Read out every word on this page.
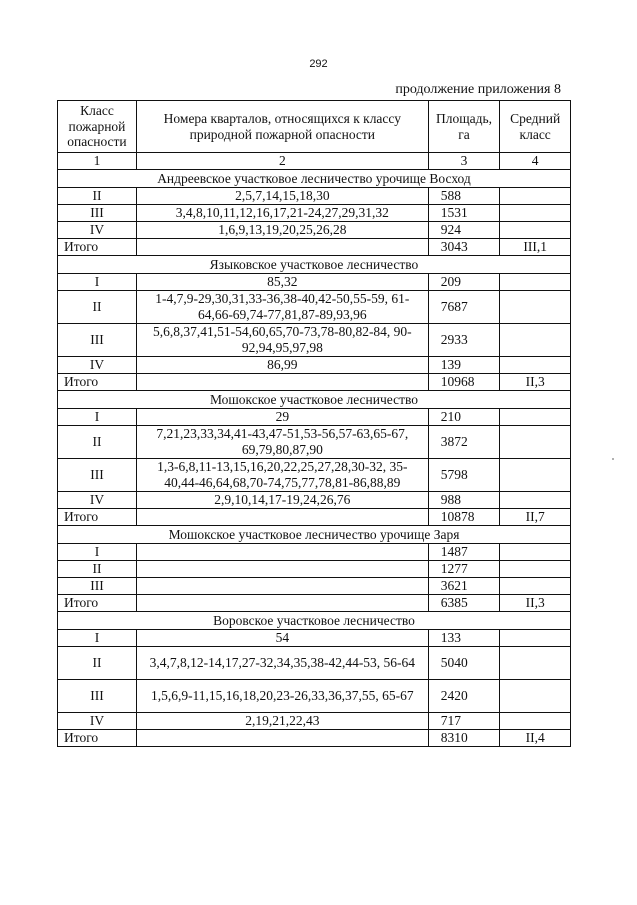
292
продолжение приложения 8
Класс пожарной опасности	Номера кварталов, относящихся к классу природной пожарной опасности	Площадь, га	Средний класс
1	2	3	4
Андреевское участковое лесничество урочище Восход			
II	2,5,7,14,15,18,30	588	
III	3,4,8,10,11,12,16,17,21-24,27,29,31,32	1531	
IV	1,6,9,13,19,20,25,26,28	924	
Итого		3043	III,1
Языковское участковое лесничество			
I	85,32	209	
II	1-4,7,9-29,30,31,33-36,38-40,42-50,55-59, 61-64,66-69,74-77,81,87-89,93,96	7687	
III	5,6,8,37,41,51-54,60,65,70-73,78-80,82-84, 90-92,94,95,97,98	2933	
IV	86,99	139	
Итого		10968	II,3
Мошокское участковое лесничество			
I	29	210	
II	7,21,23,33,34,41-43,47-51,53-56,57-63,65-67, 69,79,80,87,90	3872	
III	1,3-6,8,11-13,15,16,20,22,25,27,28,30-32, 35-40,44-46,64,68,70-74,75,77,78,81-86,88,89	5798	
IV	2,9,10,14,17-19,24,26,76	988	
Итого		10878	II,7
Мошокское участковое лесничество урочище Заря			
I		1487	
II		1277	
III		3621	
Итого		6385	II,3
Воровское участковое лесничество			
I	54	133	
II	3,4,7,8,12-14,17,27-32,34,35,38-42,44-53, 56-64	5040	
III	1,5,6,9-11,15,16,18,20,23-26,33,36,37,55, 65-67	2420	
IV	2,19,21,22,43	717	
Итого		8310	II,4
